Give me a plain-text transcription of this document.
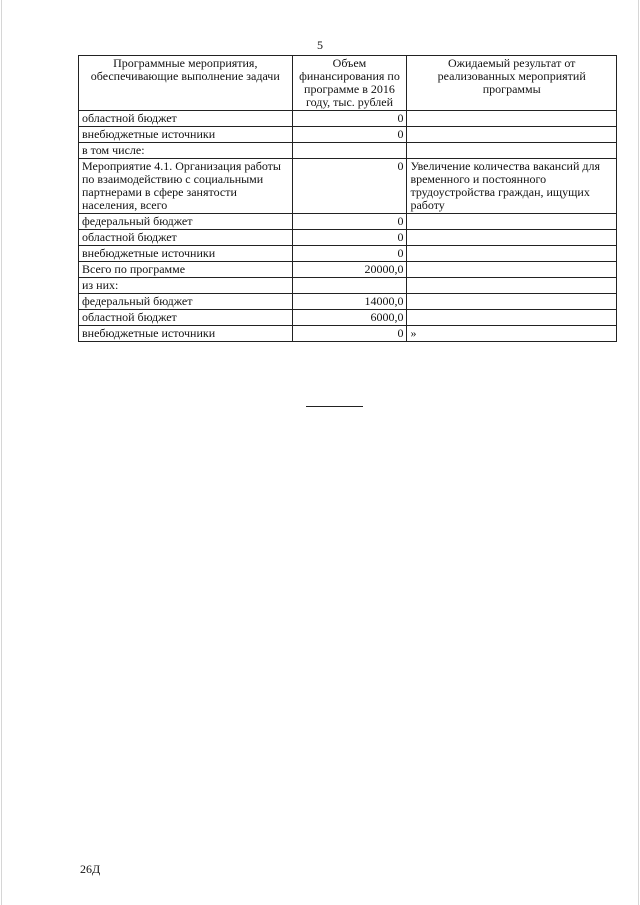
5
Программные мероприятия, обеспечивающие выполнение задачи	Объем финансирования по программе в 2016 году, тыс. рублей	Ожидаемый результат от реализованных мероприятий программы
областной бюджет	0	
внебюджетные источники	0	
в том числе:		
Мероприятие 4.1. Организация работы по взаимодействию с социальными партнерами в сфере занятости населения, всего	0	Увеличение количества вакансий для временного и постоянного трудоустройства граждан, ищущих работу
федеральный бюджет	0	
областной бюджет	0	
внебюджетные источники	0	
Всего по программе	20000,0	
из них:		
федеральный бюджет	14000,0	
областной бюджет	6000,0	
внебюджетные источники	0	»
26Д
